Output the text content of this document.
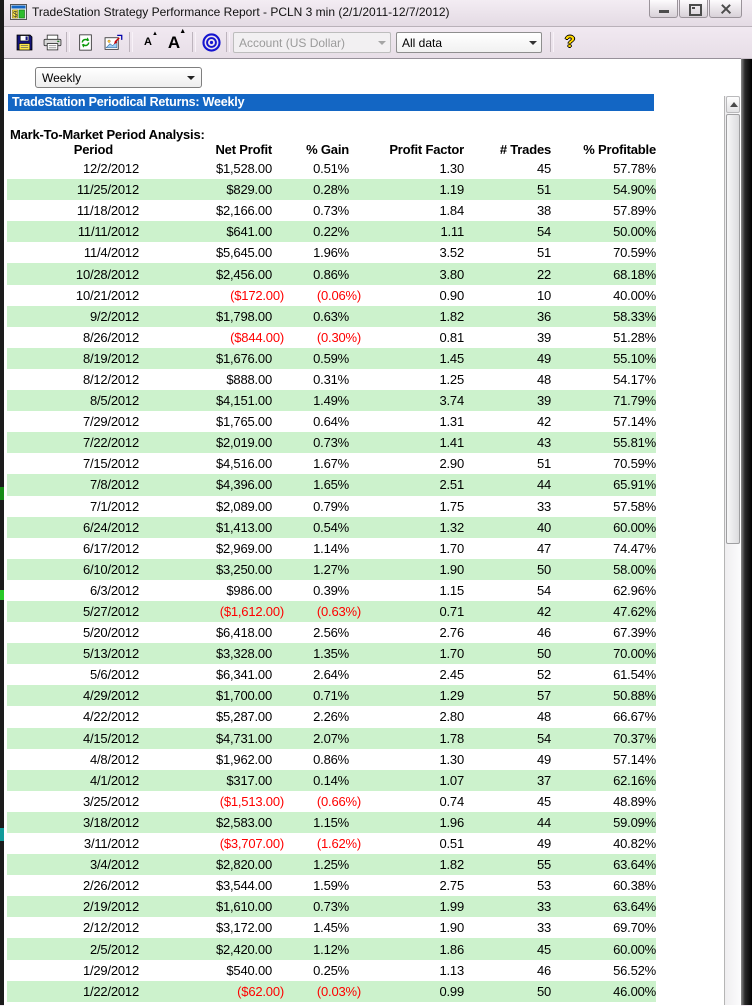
$ TradeStation Strategy Performance Report - PCLN 3 min (2/1/2011-12/7/2012)
A
▲ A
▲
Account (US Dollar)	All data	?
Weekly
TradeStation Periodical Returns: Weekly
Mark-To-Market Period Analysis:
Period	Net Profit	% Gain	Profit Factor	# Trades	% Profitable
12/2/2012	$1,528.00	0.51%	1.30	45	57.78%
11/25/2012	$829.00	0.28%	1.19	51	54.90%
11/18/2012	$2,166.00	0.73%	1.84	38	57.89%
11/11/2012	$641.00	0.22%	1.11	54	50.00%
11/4/2012	$5,645.00	1.96%	3.52	51	70.59%
10/28/2012	$2,456.00	0.86%	3.80	22	68.18%
10/21/2012	($172.00)	(0.06%)	0.90	10	40.00%
9/2/2012	$1,798.00	0.63%	1.82	36	58.33%
8/26/2012	($844.00)	(0.30%)	0.81	39	51.28%
8/19/2012	$1,676.00	0.59%	1.45	49	55.10%
8/12/2012	$888.00	0.31%	1.25	48	54.17%
8/5/2012	$4,151.00	1.49%	3.74	39	71.79%
7/29/2012	$1,765.00	0.64%	1.31	42	57.14%
7/22/2012	$2,019.00	0.73%	1.41	43	55.81%
7/15/2012	$4,516.00	1.67%	2.90	51	70.59%
7/8/2012	$4,396.00	1.65%	2.51	44	65.91%
7/1/2012	$2,089.00	0.79%	1.75	33	57.58%
6/24/2012	$1,413.00	0.54%	1.32	40	60.00%
6/17/2012	$2,969.00	1.14%	1.70	47	74.47%
6/10/2012	$3,250.00	1.27%	1.90	50	58.00%
6/3/2012	$986.00	0.39%	1.15	54	62.96%
5/27/2012	($1,612.00)	(0.63%)	0.71	42	47.62%
5/20/2012	$6,418.00	2.56%	2.76	46	67.39%
5/13/2012	$3,328.00	1.35%	1.70	50	70.00%
5/6/2012	$6,341.00	2.64%	2.45	52	61.54%
4/29/2012	$1,700.00	0.71%	1.29	57	50.88%
4/22/2012	$5,287.00	2.26%	2.80	48	66.67%
4/15/2012	$4,731.00	2.07%	1.78	54	70.37%
4/8/2012	$1,962.00	0.86%	1.30	49	57.14%
4/1/2012	$317.00	0.14%	1.07	37	62.16%
3/25/2012	($1,513.00)	(0.66%)	0.74	45	48.89%
3/18/2012	$2,583.00	1.15%	1.96	44	59.09%
3/11/2012	($3,707.00)	(1.62%)	0.51	49	40.82%
3/4/2012	$2,820.00	1.25%	1.82	55	63.64%
2/26/2012	$3,544.00	1.59%	2.75	53	60.38%
2/19/2012	$1,610.00	0.73%	1.99	33	63.64%
2/12/2012	$3,172.00	1.45%	1.90	33	69.70%
2/5/2012	$2,420.00	1.12%	1.86	45	60.00%
1/29/2012	$540.00	0.25%	1.13	46	56.52%
1/22/2012	($62.00)	(0.03%)	0.99	50	46.00%
